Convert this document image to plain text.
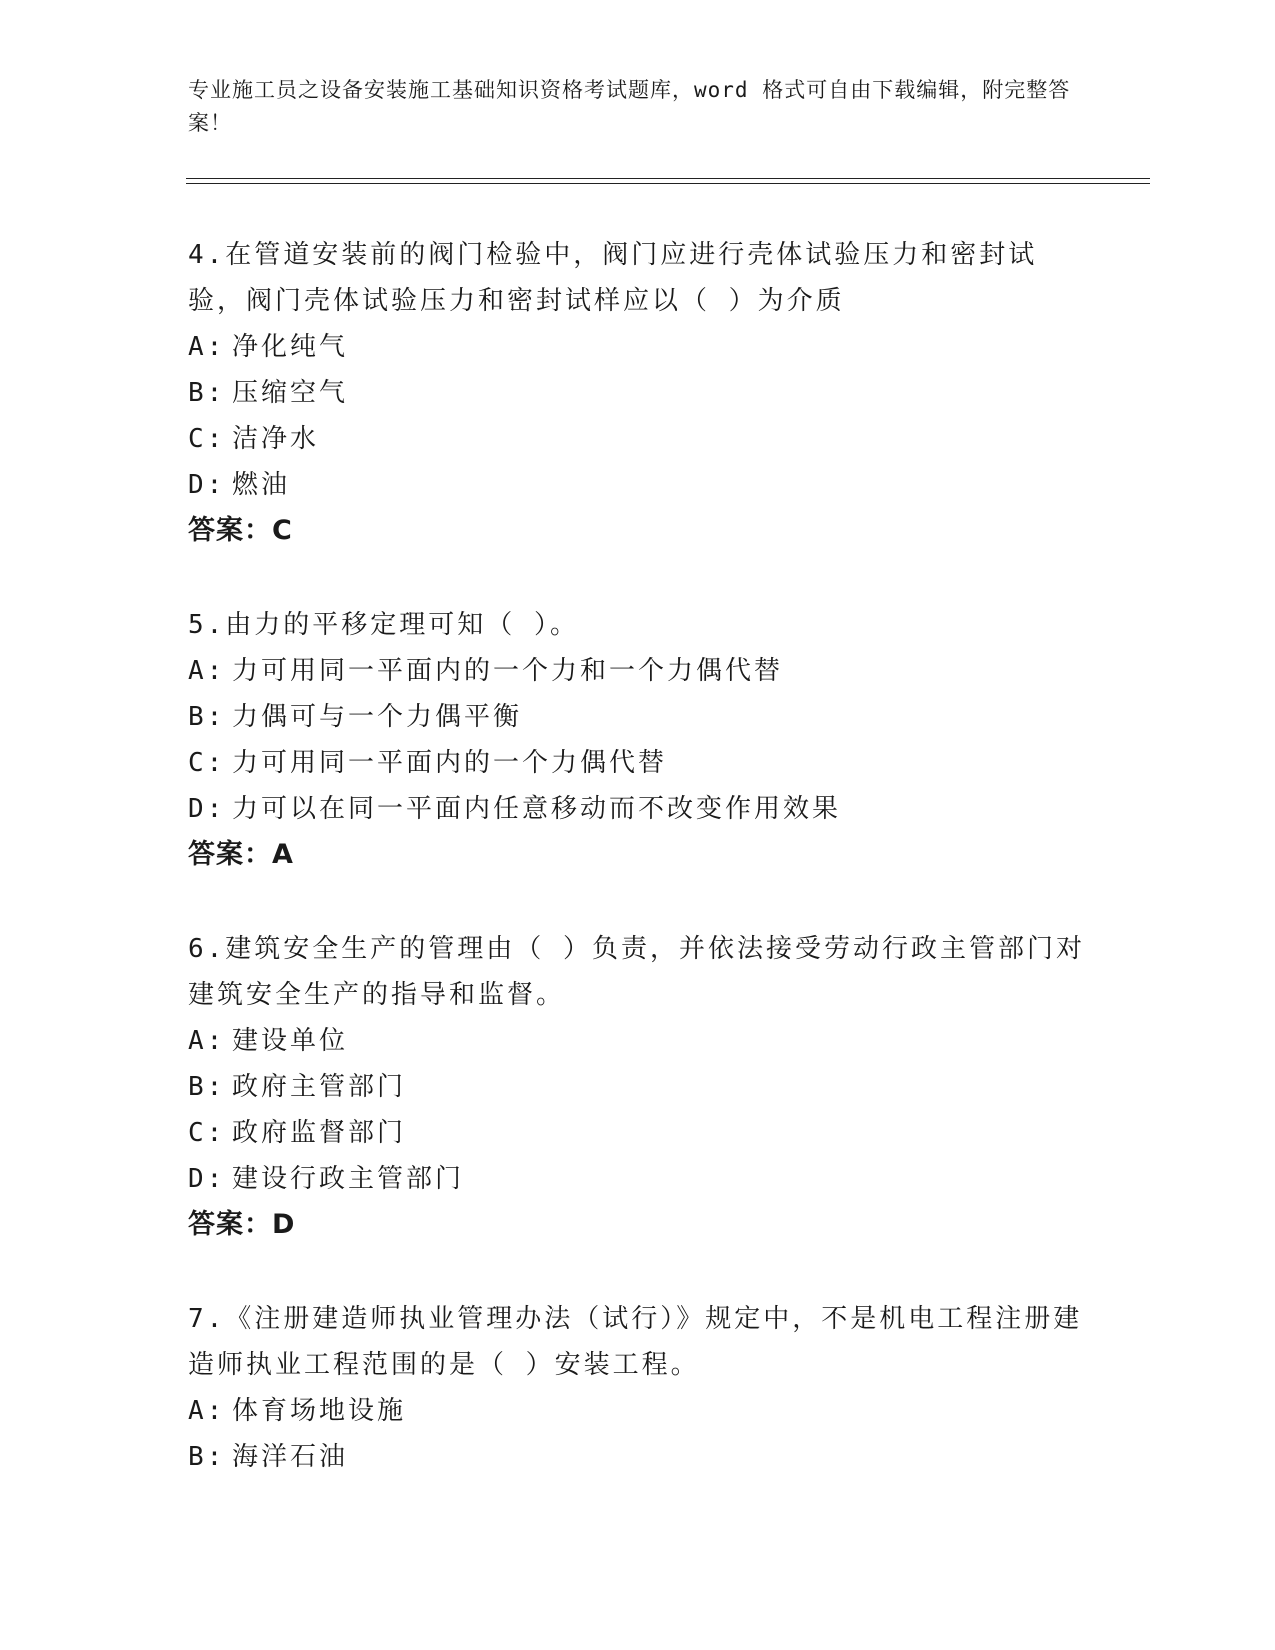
专业施工员之设备安装施工基础知识资格考试题库，word 格式可自由下载编辑，附完整答案！
4.在管道安装前的阀门检验中，阀门应进行壳体试验压力和密封试验，阀门壳体试验压力和密封试样应以（ ）为介质
A: 净化纯气
B: 压缩空气
C: 洁净水
D: 燃油
答案：C
5.由力的平移定理可知（ ）。
A: 力可用同一平面内的一个力和一个力偶代替
B: 力偶可与一个力偶平衡
C: 力可用同一平面内的一个力偶代替
D: 力可以在同一平面内任意移动而不改变作用效果
答案：A
6.建筑安全生产的管理由（ ）负责，并依法接受劳动行政主管部门对建筑安全生产的指导和监督。
A: 建设单位
B: 政府主管部门
C: 政府监督部门
D: 建设行政主管部门
答案：D
7.《注册建造师执业管理办法（试行）》规定中，不是机电工程注册建造师执业工程范围的是（ ）安装工程。
A: 体育场地设施
B: 海洋石油
